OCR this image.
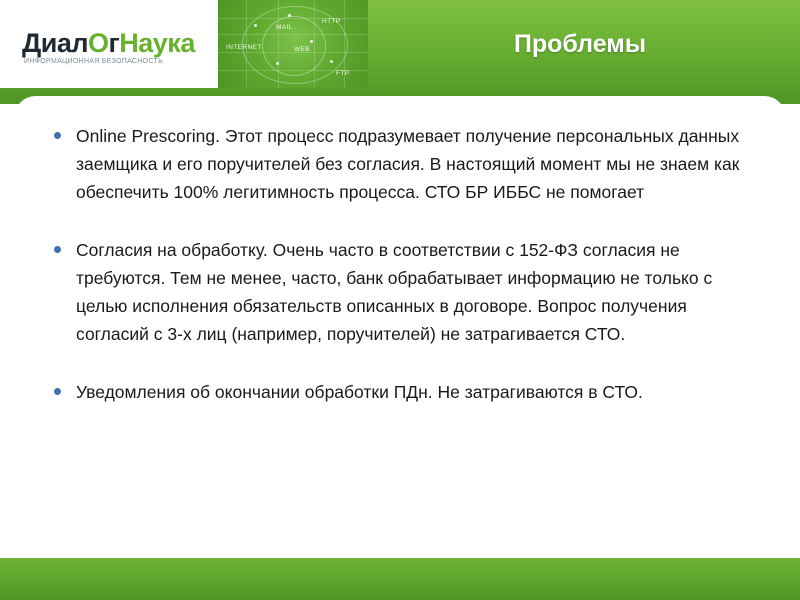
MAIL
HTTP
INTERNET	WEB
FTP
Диал О г Наука
ИНФОРМАЦИОННАЯ БЕЗОПАСНОСТЬ
Проблемы
Online Prescoring. Этот процесс подразумевает получение персональных данных заемщика и его поручителей без согласия. В настоящий момент мы не знаем как обеспечить 100% легитимность процесса. СТО БР ИББС не помогает
Согласия на обработку. Очень часто в соответствии с 152-ФЗ согласия не требуются. Тем не менее, часто, банк обрабатывает информацию не только с целью исполнения обязательств описанных в договоре. Вопрос получения согласий с 3-х лиц (например, поручителей) не затрагивается СТО.
Уведомления об окончании обработки ПДн. Не затрагиваются в СТО.
